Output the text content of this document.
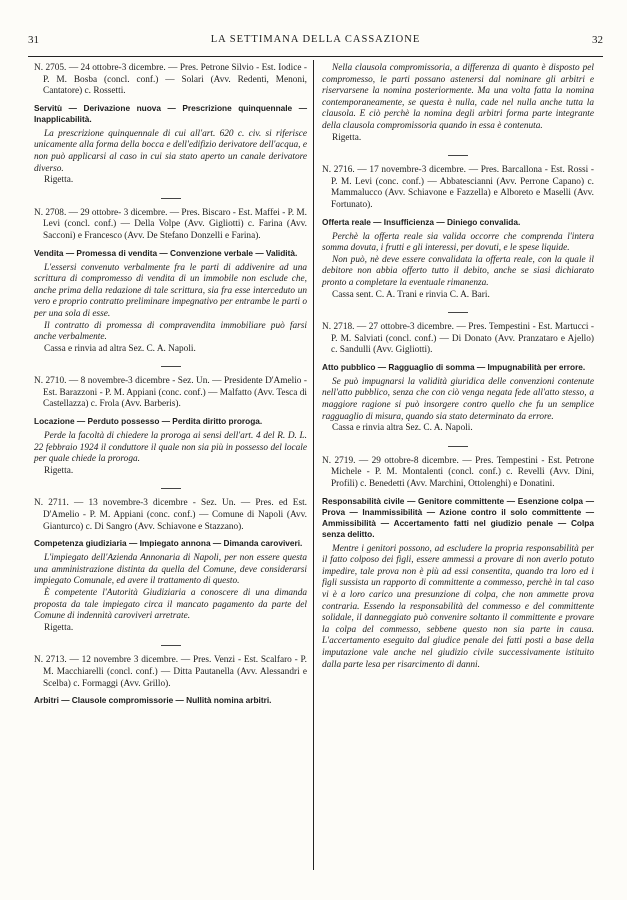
31	LA SETTIMANA DELLA CASSAZIONE	32

N. 2705. — 24 ottobre-3 dicembre. — Pres. Petrone Silvio - Est. Iodice - P. M. Bosba (concl. conf.) — Solari (Avv. Redenti, Menoni, Cantatore) c. Rossetti.

Servitù — Derivazione nuova — Prescrizione quinquennale — Inapplicabilità.

La prescrizione quinquennale di cui all'art. 620 c. civ. si riferisce unicamente alla forma della bocca e dell'edifizio derivatore dell'acqua, e non può applicarsi al caso in cui sia stato aperto un canale derivatore diverso.

Rigetta.

N. 2708. — 29 ottobre- 3 dicembre. — Pres. Biscaro - Est. Maffei - P. M. Levi (concl. conf.) — Della Volpe (Avv. Gigliotti) c. Farina (Avv. Sacconi) e Francesco (Avv. De Stefano Donzelli e Farina).

Vendita — Promessa di vendita — Convenzione verbale — Validità.

L'essersi convenuto verbalmente fra le parti di addivenire ad una scrittura di compromesso di vendita di un immobile non esclude che, anche prima della redazione di tale scrittura, sia fra esse interceduto un vero e proprio contratto preliminare impegnativo per entrambe le parti o per una sola di esse.

Il contratto di promessa di compravendita immobiliare può farsi anche verbalmente.

Cassa e rinvia ad altra Sez. C. A. Napoli.

N. 2710. — 8 novembre-3 dicembre - Sez. Un. — Presidente D'Amelio - Est. Barazzoni - P. M. Appiani (conc. conf.) — Malfatto (Avv. Tesca di Castellazza) c. Frola (Avv. Barberis).

Locazione — Perduto possesso — Perdita diritto proroga.

Perde la facoltà di chiedere la proroga ai sensi dell'art. 4 del R. D. L. 22 febbraio 1924 il conduttore il quale non sia più in possesso del locale per quale chiede la proroga.

Rigetta.

N. 2711. — 13 novembre-3 dicembre - Sez. Un. — Pres. ed Est. D'Amelio - P. M. Appiani (conc. conf.) — Comune di Napoli (Avv. Gianturco) c. Di Sangro (Avv. Schiavone e Stazzano).

Competenza giudiziaria — Impiegato annona — Dimanda caroviveri.

L'impiegato dell'Azienda Annonaria di Napoli, per non essere questa una amministrazione distinta da quella del Comune, deve considerarsi impiegato Comunale, ed avere il trattamento di questo.

È competente l'Autorità Giudiziaria a conoscere di una dimanda proposta da tale impiegato circa il mancato pagamento da parte del Comune di indennità caroviveri arretrate.

Rigetta.

N. 2713. — 12 novembre 3 dicembre. — Pres. Venzi - Est. Scalfaro - P. M. Macchiarelli (concl. conf.) — Ditta Pautanella (Avv. Alessandri e Scelba) c. Formaggi (Avv. Grillo).

Arbitri — Clausole compromissorie — Nullità nomina arbitri.

Nella clausola compromissoria, a differenza di quanto è disposto pel compromesso, le parti possano astenersi dal nominare gli arbitri e riservarsene la nomina posteriormente. Ma una volta fatta la nomina contemporaneamente, se questa è nulla, cade nel nulla anche tutta la clausola. E ciò perchè la nomina degli arbitri forma parte integrante della clausola compromissoria quando in essa è contenuta.

Rigetta.

N. 2716. — 17 novembre-3 dicembre. — Pres. Barcallona - Est. Rossi - P. M. Levi (conc. conf.) — Abbatescianni (Avv. Perrone Capano) c. Mammalucco (Avv. Schiavone e Fazzella) e Alboreto e Maselli (Avv. Fortunato).

Offerta reale — Insufficienza — Diniego convalida.

Perchè la offerta reale sia valida occorre che comprenda l'intera somma dovuta, i frutti e gli interessi, per dovuti, e le spese liquide.

Non può, nè deve essere convalidata la offerta reale, con la quale il debitore non abbia offerto tutto il debito, anche se siasi dichiarato pronto a completare la eventuale rimanenza.

Cassa sent. C. A. Trani e rinvia C. A. Bari.

N. 2718. — 27 ottobre-3 dicembre. — Pres. Tempestini - Est. Martucci - P. M. Salviati (concl. conf.) — Di Donato (Avv. Pranzataro e Ajello) c. Sandulli (Avv. Gigliotti).

Atto pubblico — Ragguaglio di somma — Impugnabilità per errore.

Se può impugnarsi la validità giuridica delle convenzioni contenute nell'atto pubblico, senza che con ciò venga negata fede all'atto stesso, a maggiore ragione si può insorgere contro quello che fu un semplice ragguaglio di misura, quando sia stato determinato da errore.

Cassa e rinvia altra Sez. C. A. Napoli.

N. 2719. — 29 ottobre-8 dicembre. — Pres. Tempestini - Est. Petrone Michele - P. M. Montalenti (concl. conf.) c. Revelli (Avv. Dini, Profili) c. Benedetti (Avv. Marchini, Ottolenghi) e Donatini.

Responsabilità civile — Genitore committente — Esenzione colpa — Prova — Inammissibilità — Azione contro il solo committente — Ammissibilità — Accertamento fatti nel giudizio penale — Colpa senza delitto.

Mentre i genitori possono, ad escludere la propria responsabilità per il fatto colposo dei figli, essere ammessi a provare di non averlo potuto impedire, tale prova non è più ad essi consentita, quando tra loro ed i figli sussista un rapporto di committente a commesso, perchè in tal caso vi è a loro carico una presunzione di colpa, che non ammette prova contraria. Essendo la responsabilità del commesso e del committente solidale, il danneggiato può convenire soltanto il committente e provare la colpa del commesso, sebbene questo non sia parte in causa. L'accertamento eseguito dal giudice penale dei fatti posti a base della imputazione vale anche nel giudizio civile successivamente istituito dalla parte lesa per risarcimento di danni.
